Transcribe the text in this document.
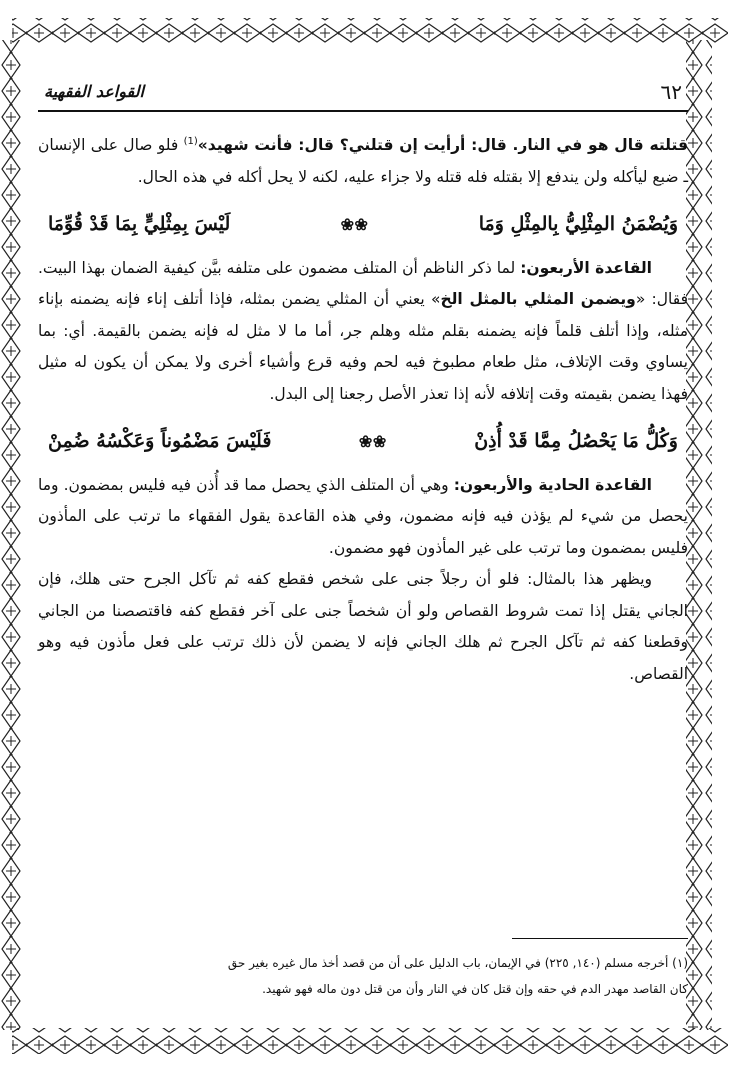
٦٢
القواعد الفقهية

قتلته قال هو في النار. قال: أرأيت إن قتلني؟ قال: فأنت شهيد»$^{(1)}$ فلو صال على الإنسان ـ ضبع ليأكله ولن يندفع إلا بقتله فله قتله ولا جزاء عليه، لكنه لا يحل أكله في هذه الحال.

وَيُضْمَنُ المِثْلِيُّ بِالمِثْلِ وَمَا
❀❀
لَيْسَ بِمِثْلِيٍّ بِمَا قَدْ قُوِّمَا

القاعدة الأربعون: لما ذكر الناظم أن المتلف مضمون على متلفه بيَّن كيفية الضمان بهذا البيت. فقال: «ويضمن المثلي بالمثل الخ» يعني أن المثلي يضمن بمثله، فإذا أتلف إناء فإنه يضمنه بإناء مثله، وإذا أتلف قلماً فإنه يضمنه بقلم مثله وهلم جر، أما ما لا مثل له فإنه يضمن بالقيمة. أي: بما يساوي وقت الإتلاف، مثل طعام مطبوخ فيه لحم وفيه قرع وأشياء أخرى ولا يمكن أن يكون له مثيل فهذا يضمن بقيمته وقت إتلافه لأنه إذا تعذر الأصل رجعنا إلى البدل.

وَكُلُّ مَا يَحْصُلُ مِمَّا قَدْ أُذِنْ
❀❀
فَلَيْسَ مَضْمُوناً وَعَكْسُهُ ضُمِنْ

القاعدة الحادية والأربعون: وهي أن المتلف الذي يحصل مما قد أُذن فيه فليس بمضمون. وما يحصل من شيء لم يؤذن فيه فإنه مضمون، وفي هذه القاعدة يقول الفقهاء ما ترتب على المأذون فليس بمضمون وما ترتب على غير المأذون فهو مضمون.

ويظهر هذا بالمثال: فلو أن رجلاً جنى على شخص فقطع كفه ثم تآكل الجرح حتى هلك، فإن الجاني يقتل إذا تمت شروط القصاص ولو أن شخصاً جنى على آخر فقطع كفه فاقتصصنا من الجاني وقطعنا كفه ثم تآكل الجرح ثم هلك الجاني فإنه لا يضمن لأن ذلك ترتب على فعل مأذون فيه وهو القصاص.

(١) أخرجه مسلم (١٤٠, ٢٢٥) في الإيمان، باب الدليل على أن من قصد أخذ مال غيره بغير حق

كان القاصد مهدر الدم في حقه وإن قتل كان في النار وأن من قتل دون ماله فهو شهيد.
